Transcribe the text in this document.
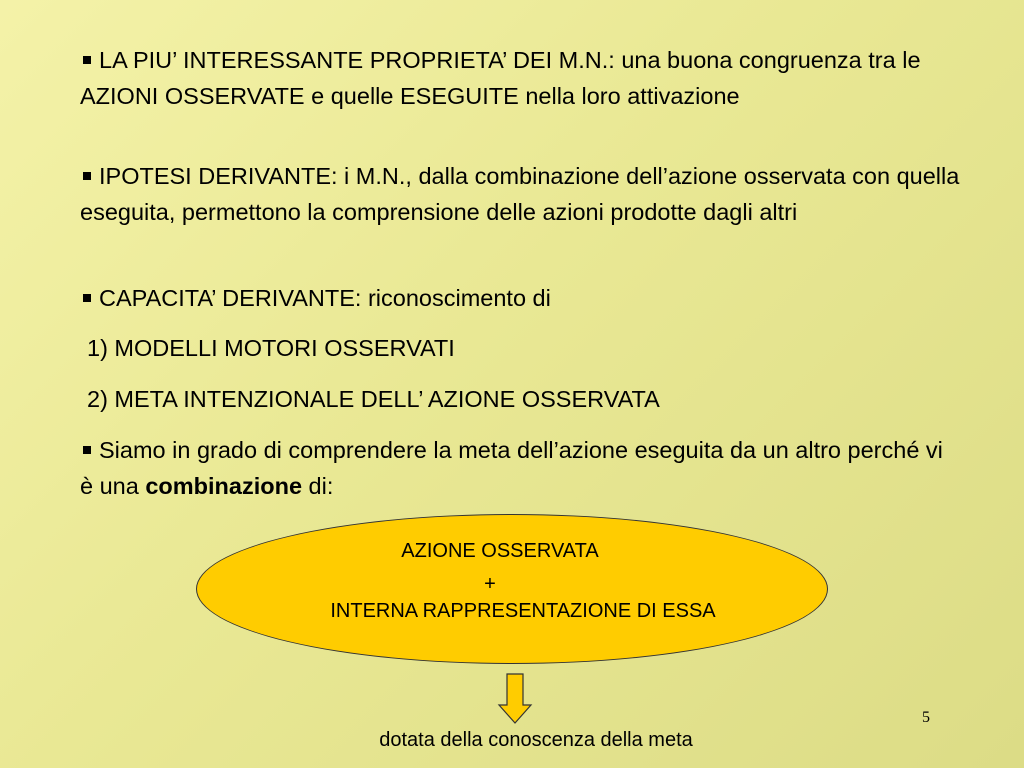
LA PIU’ INTERESSANTE PROPRIETA’ DEI M.N.: una buona congruenza tra le AZIONI OSSERVATE e quelle ESEGUITE nella loro attivazione
IPOTESI DERIVANTE: i M.N., dalla combinazione dell’azione osservata con quella eseguita, permettono la comprensione delle azioni prodotte dagli altri
CAPACITA’ DERIVANTE: riconoscimento di
1) MODELLI MOTORI OSSERVATI
2) META INTENZIONALE DELL’ AZIONE OSSERVATA
Siamo in grado di comprendere la meta dell’azione eseguita da un altro perché vi è una combinazione di:
AZIONE OSSERVATA
+
INTERNA RAPPRESENTAZIONE DI ESSA
dotata della conoscenza della meta
5
